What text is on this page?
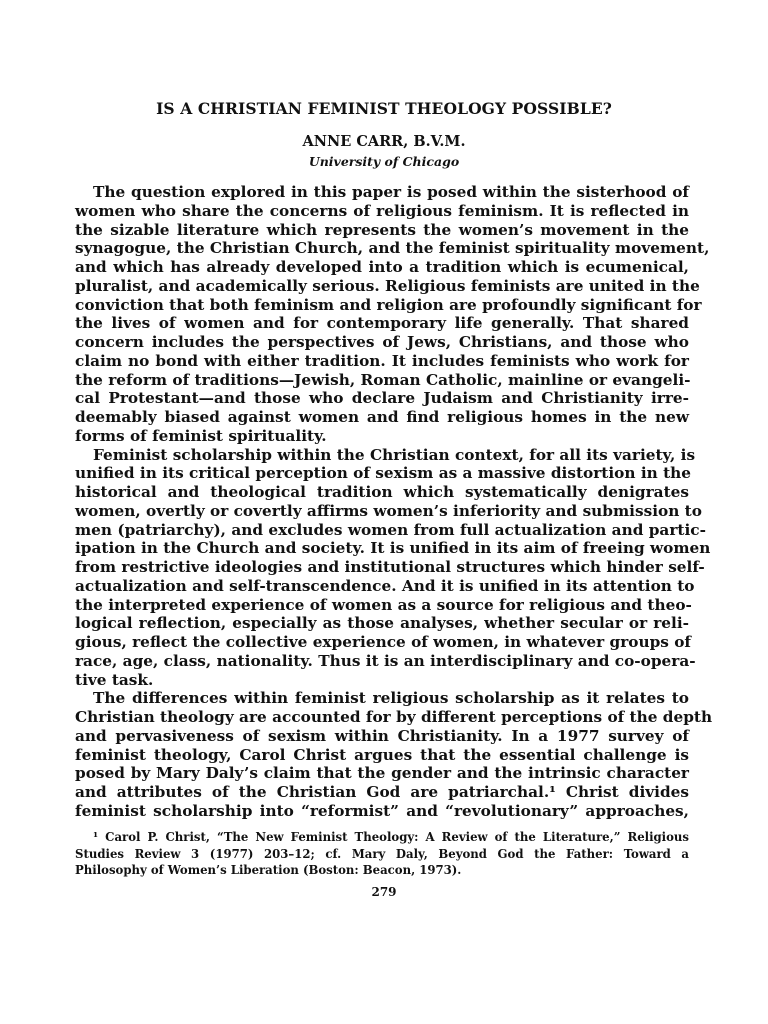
IS A CHRISTIAN FEMINIST THEOLOGY POSSIBLE?
ANNE CARR, B.V.M.
University of Chicago
The question explored in this paper is posed within the sisterhood of
women who share the concerns of religious feminism. It is reflected in
the sizable literature which represents the women’s movement in the
synagogue, the Christian Church, and the feminist spirituality movement,
and which has already developed into a tradition which is ecumenical,
pluralist, and academically serious. Religious feminists are united in the
conviction that both feminism and religion are profoundly significant for
the lives of women and for contemporary life generally. That shared
concern includes the perspectives of Jews, Christians, and those who
claim no bond with either tradition. It includes feminists who work for
the reform of traditions—Jewish, Roman Catholic, mainline or evangeli-
cal Protestant—and those who declare Judaism and Christianity irre-
deemably biased against women and find religious homes in the new
forms of feminist spirituality.
Feminist scholarship within the Christian context, for all its variety, is
unified in its critical perception of sexism as a massive distortion in the
historical and theological tradition which systematically denigrates
women, overtly or covertly affirms women’s inferiority and submission to
men (patriarchy), and excludes women from full actualization and partic-
ipation in the Church and society. It is unified in its aim of freeing women
from restrictive ideologies and institutional structures which hinder self-
actualization and self-transcendence. And it is unified in its attention to
the interpreted experience of women as a source for religious and theo-
logical reflection, especially as those analyses, whether secular or reli-
gious, reflect the collective experience of women, in whatever groups of
race, age, class, nationality. Thus it is an interdisciplinary and co-opera-
tive task.
The differences within feminist religious scholarship as it relates to
Christian theology are accounted for by different perceptions of the depth
and pervasiveness of sexism within Christianity. In a 1977 survey of
feminist theology, Carol Christ argues that the essential challenge is
posed by Mary Daly’s claim that the gender and the intrinsic character
and attributes of the Christian God are patriarchal.¹ Christ divides
feminist scholarship into “reformist” and “revolutionary” approaches,
¹ Carol P. Christ, “The New Feminist Theology: A Review of the Literature,” Religious
Studies Review 3 (1977) 203–12; cf. Mary Daly, Beyond God the Father: Toward a
Philosophy of Women’s Liberation (Boston: Beacon, 1973).
279
